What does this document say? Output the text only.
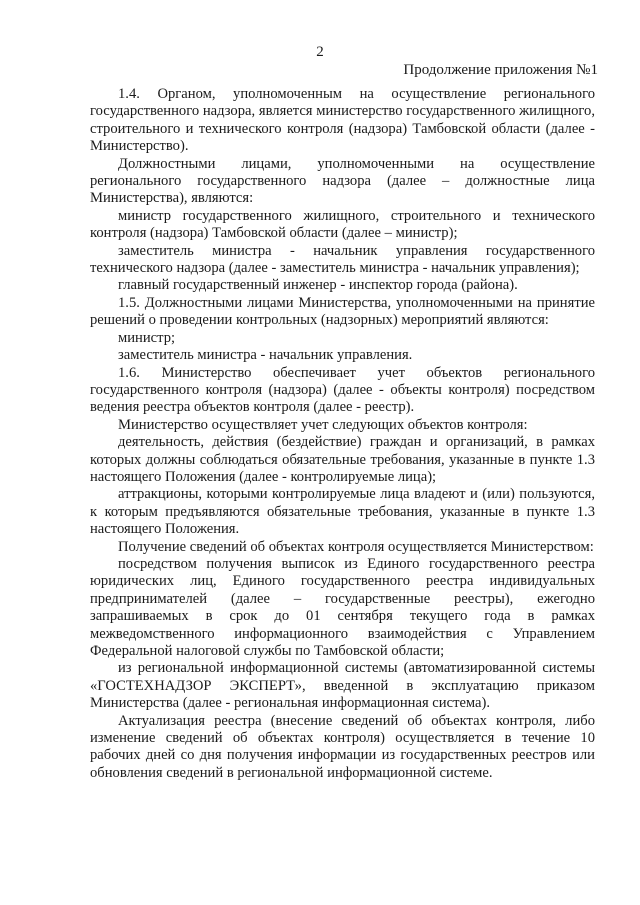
2
Продолжение приложения №1

1.4. Органом, уполномоченным на осуществление регионального государственного надзора, является министерство государственного жилищного, строительного и технического контроля (надзора) Тамбовской области (далее - Министерство).

Должностными лицами, уполномоченными на осуществление регионального государственного надзора (далее – должностные лица Министерства), являются:

министр государственного жилищного, строительного и технического контроля (надзора) Тамбовской области (далее – министр);

заместитель министра - начальник управления государственного технического надзора (далее - заместитель министра - начальник управления);

главный государственный инженер - инспектор города (района).

1.5. Должностными лицами Министерства, уполномоченными на принятие решений о проведении контрольных (надзорных) мероприятий являются:

министр;

заместитель министра - начальник управления.

1.6. Министерство обеспечивает учет объектов регионального государственного контроля (надзора) (далее - объекты контроля) посредством ведения реестра объектов контроля (далее - реестр).

Министерство осуществляет учет следующих объектов контроля:

деятельность, действия (бездействие) граждан и организаций, в рамках которых должны соблюдаться обязательные требования, указанные в пункте 1.3 настоящего Положения (далее - контролируемые лица);

аттракционы, которыми контролируемые лица владеют и (или) пользуются, к которым предъявляются обязательные требования, указанные в пункте 1.3 настоящего Положения.

Получение сведений об объектах контроля осуществляется Министерством:

посредством получения выписок из Единого государственного реестра юридических лиц, Единого государственного реестра индивидуальных предпринимателей (далее – государственные реестры), ежегодно запрашиваемых в срок до 01 сентября текущего года в рамках межведомственного информационного взаимодействия с Управлением Федеральной налоговой службы по Тамбовской области;

из региональной информационной системы (автоматизированной системы «ГОСТЕХНАДЗОР ЭКСПЕРТ», введенной в эксплуатацию приказом Министерства (далее - региональная информационная система).

Актуализация реестра (внесение сведений об объектах контроля, либо изменение сведений об объектах контроля) осуществляется в течение 10 рабочих дней со дня получения информации из государственных реестров или обновления сведений в региональной информационной системе.
